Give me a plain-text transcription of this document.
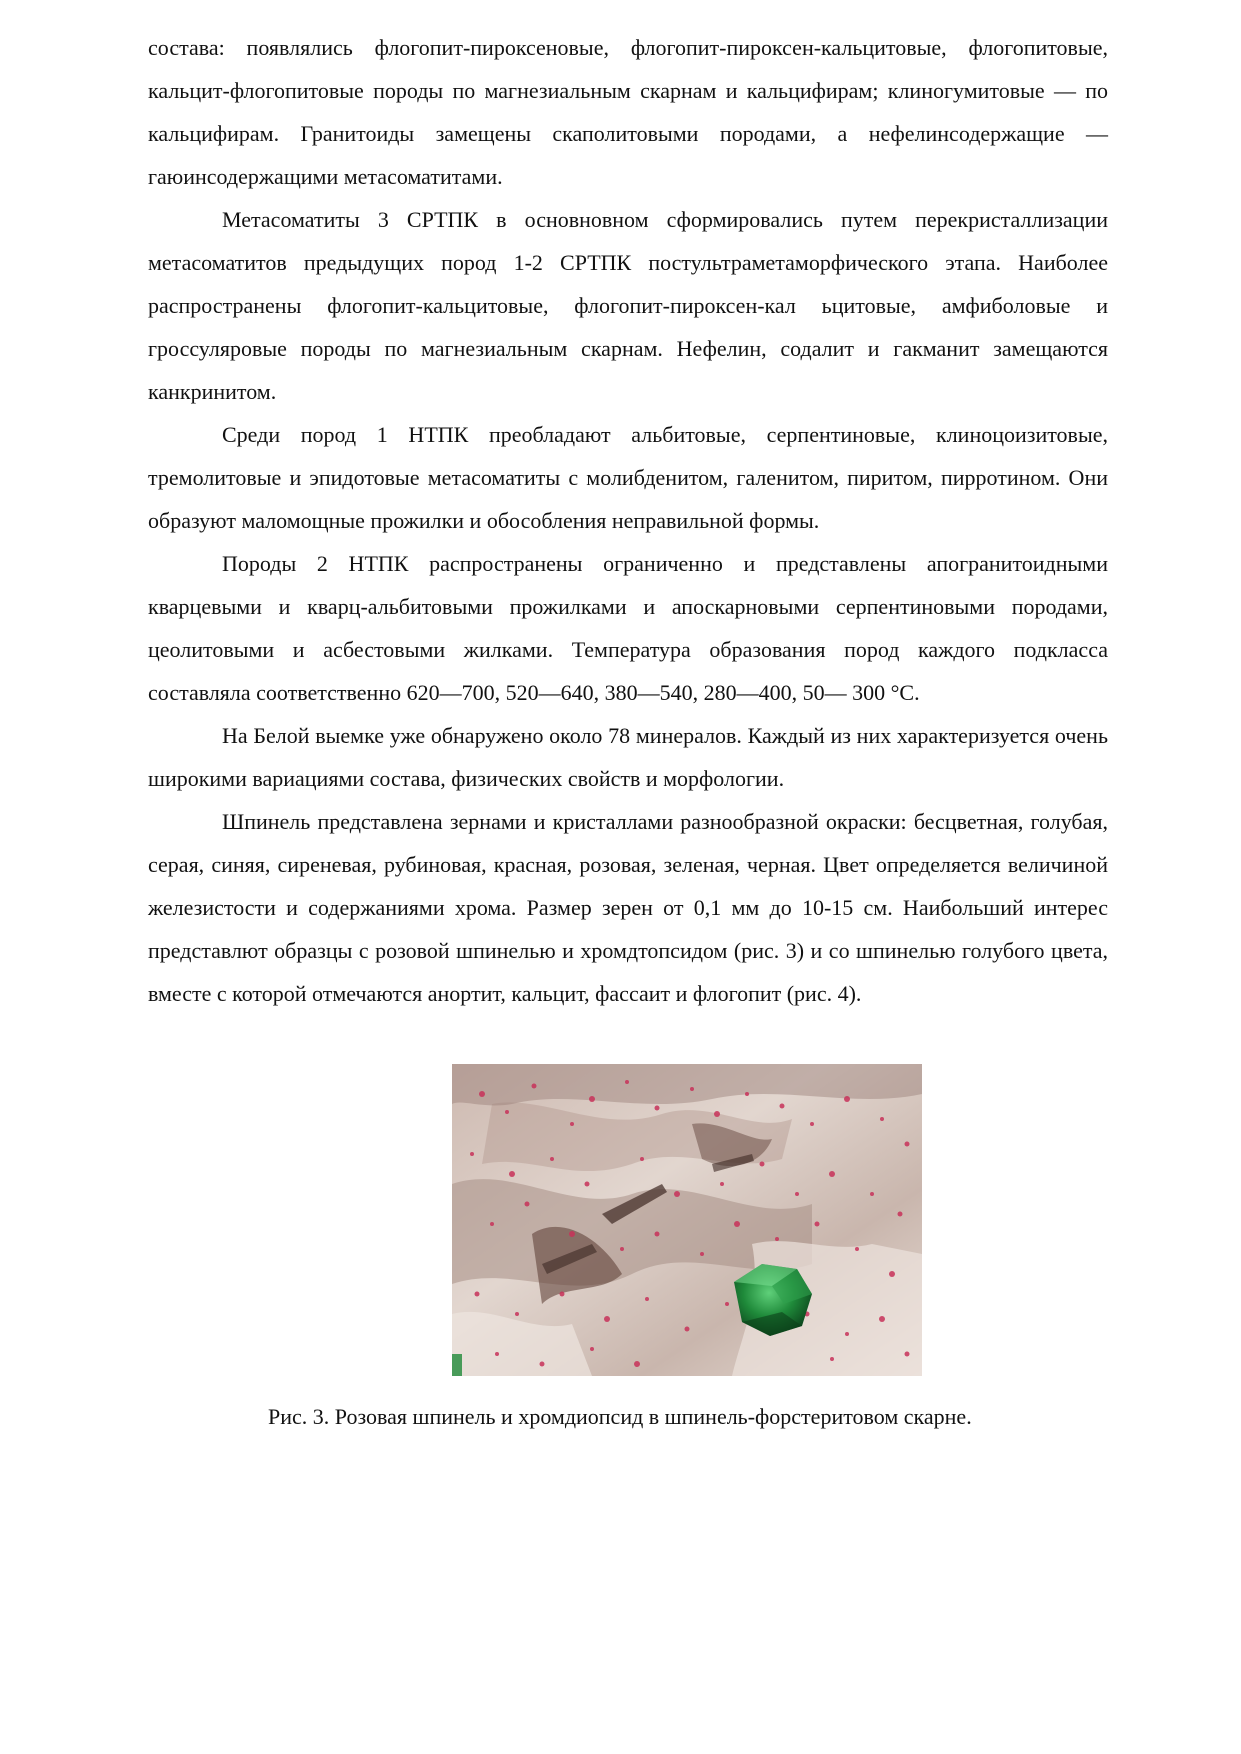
состава: появлялись флогопит-пироксеновые, флогопит-пироксен-кальцитовые, флогопитовые, кальцит-флогопитовые породы по магнезиальным скарнам и кальцифирам; клиногумитовые — по кальцифирам. Гранитоиды замещены скаполитовыми породами, а нефелинсодержащие — гаюинсодержащими метасоматитами.

Метасоматиты 3 СРТПК в основновном сформировались путем перекристаллизации метасоматитов предыдущих пород 1-2 СРТПК постультраметаморфического этапа. Наиболее распространены флогопит-кальцитовые, флогопит-пироксен-кал ьцитовые, амфиболовые и гроссуляровые породы по магнезиальным скарнам. Нефелин, содалит и гакманит замещаются канкринитом.

Среди пород 1 НТПК преобладают альбитовые, серпентиновые, клиноцоизитовые, тремолитовые и эпидотовые метасоматиты с молибденитом, галенитом, пиритом, пирротином. Они образуют маломощные прожилки и обособления неправильной формы.

Породы 2 НТПК распространены ограниченно и представлены апогранитоидными кварцевыми и кварц-альбитовыми прожилками и апоскарновыми серпентиновыми породами, цеолитовыми и асбестовыми жилками. Температура образования пород каждого подкласса составляла соответственно 620—700, 520—640, 380—540, 280—400, 50— 300 °С.

На Белой выемке уже обнаружено около 78 минералов. Каждый из них характеризуется очень широкими вариациями состава, физических свойств и морфологии.

Шпинель представлена зернами и кристаллами разнообразной окраски: бесцветная, голубая, серая, синяя, сиреневая, рубиновая, красная, розовая, зеленая, черная. Цвет определяется величиной железистости и содержаниями хрома. Размер зерен от 0,1 мм до 10-15 см. Наибольший интерес представлют образцы с розовой шпинелью и хромдтопсидом (рис. 3) и со шпинелью голубого цвета, вместе с которой отмечаются анортит, кальцит, фассаит и флогопит (рис. 4).

Рис. 3. Розовая шпинель и хромдиопсид в шпинель-форстеритовом скарне.
